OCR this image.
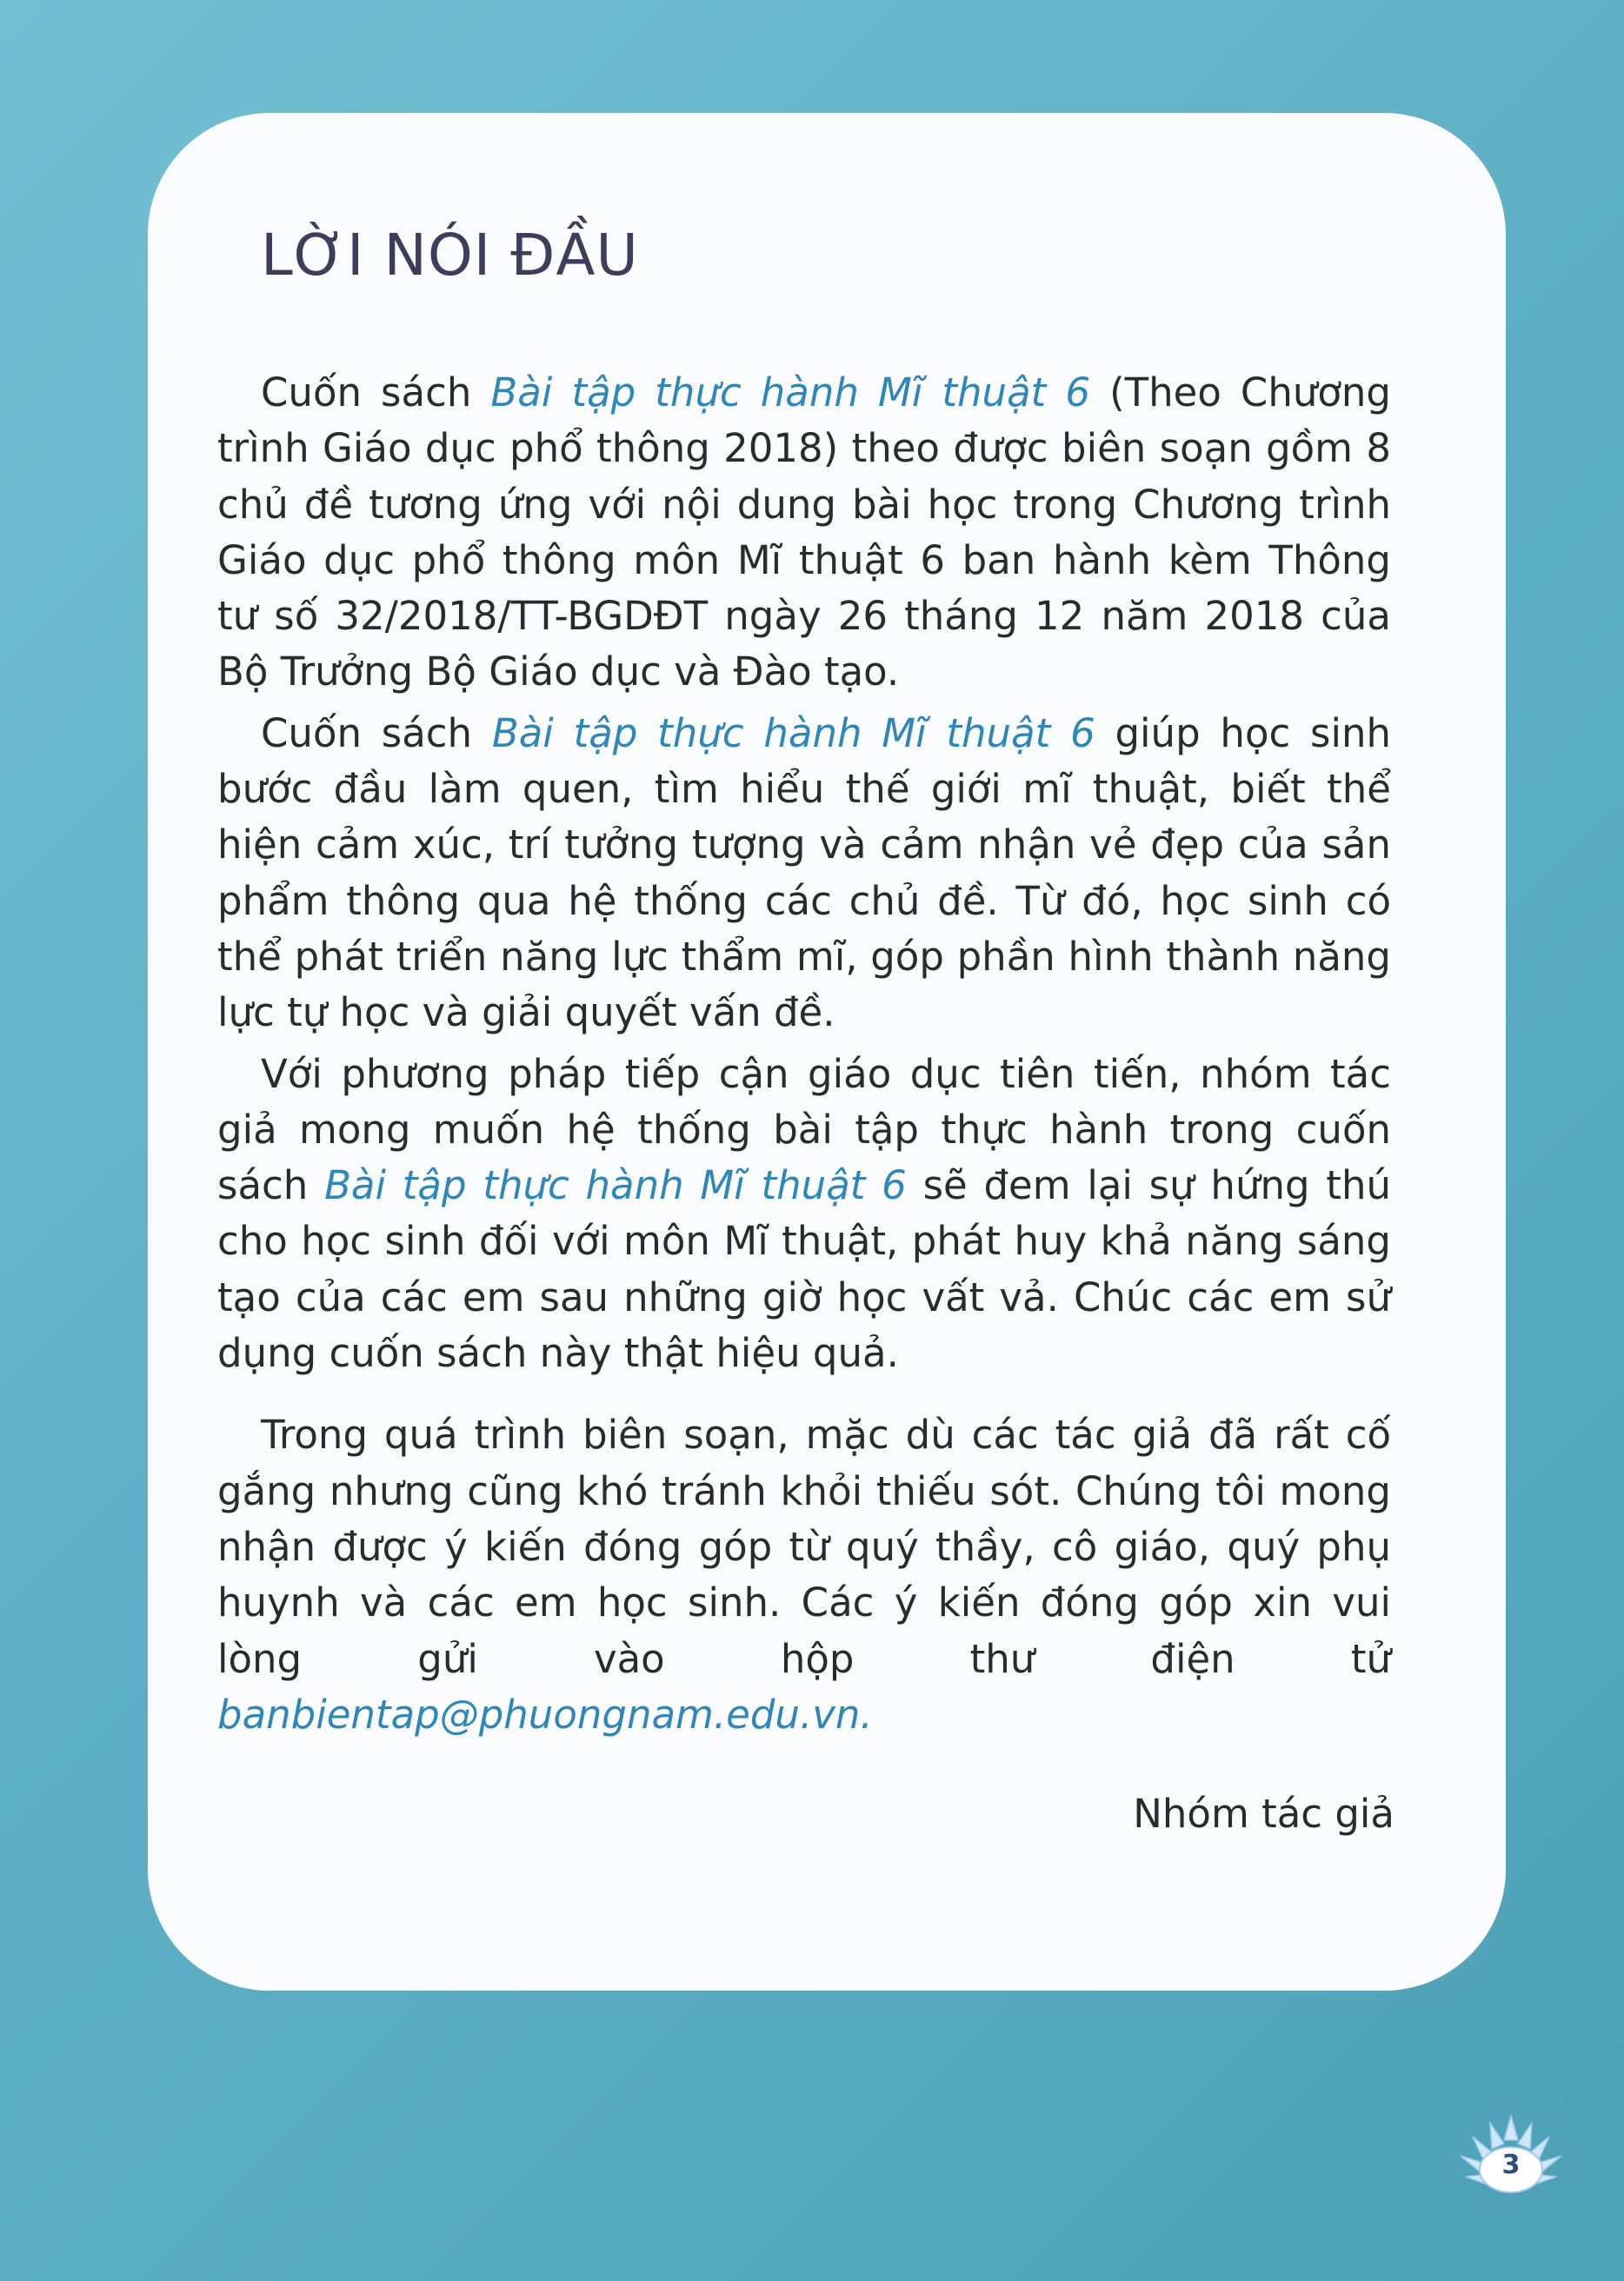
LỜI NÓI ĐẦU

Cuốn sách Bài tập thực hành Mĩ thuật 6 (Theo Chương trình Giáo dục phổ thông 2018) theo được biên soạn gồm 8 chủ đề tương ứng với nội dung bài học trong Chương trình Giáo dục phổ thông môn Mĩ thuật 6 ban hành kèm Thông tư số 32/2018/TT-BGDĐT ngày 26 tháng 12 năm 2018 của Bộ Trưởng Bộ Giáo dục và Đào tạo.

Cuốn sách Bài tập thực hành Mĩ thuật 6 giúp học sinh bước đầu làm quen, tìm hiểu thế giới mĩ thuật, biết thể hiện cảm xúc, trí tưởng tượng và cảm nhận vẻ đẹp của sản phẩm thông qua hệ thống các chủ đề. Từ đó, học sinh có thể phát triển năng lực thẩm mĩ, góp phần hình thành năng lực tự học và giải quyết vấn đề.

Với phương pháp tiếp cận giáo dục tiên tiến, nhóm tác giả mong muốn hệ thống bài tập thực hành trong cuốn sách Bài tập thực hành Mĩ thuật 6 sẽ đem lại sự hứng thú cho học sinh đối với môn Mĩ thuật, phát huy khả năng sáng tạo của các em sau những giờ học vất vả. Chúc các em sử dụng cuốn sách này thật hiệu quả.

Trong quá trình biên soạn, mặc dù các tác giả đã rất cố gắng nhưng cũng khó tránh khỏi thiếu sót. Chúng tôi mong nhận được ý kiến đóng góp từ quý thầy, cô giáo, quý phụ huynh và các em học sinh. Các ý kiến đóng góp xin vui lòng gửi vào hộp thư điện tử banbientap@phuongnam.edu.vn.

Nhóm tác giả

3
